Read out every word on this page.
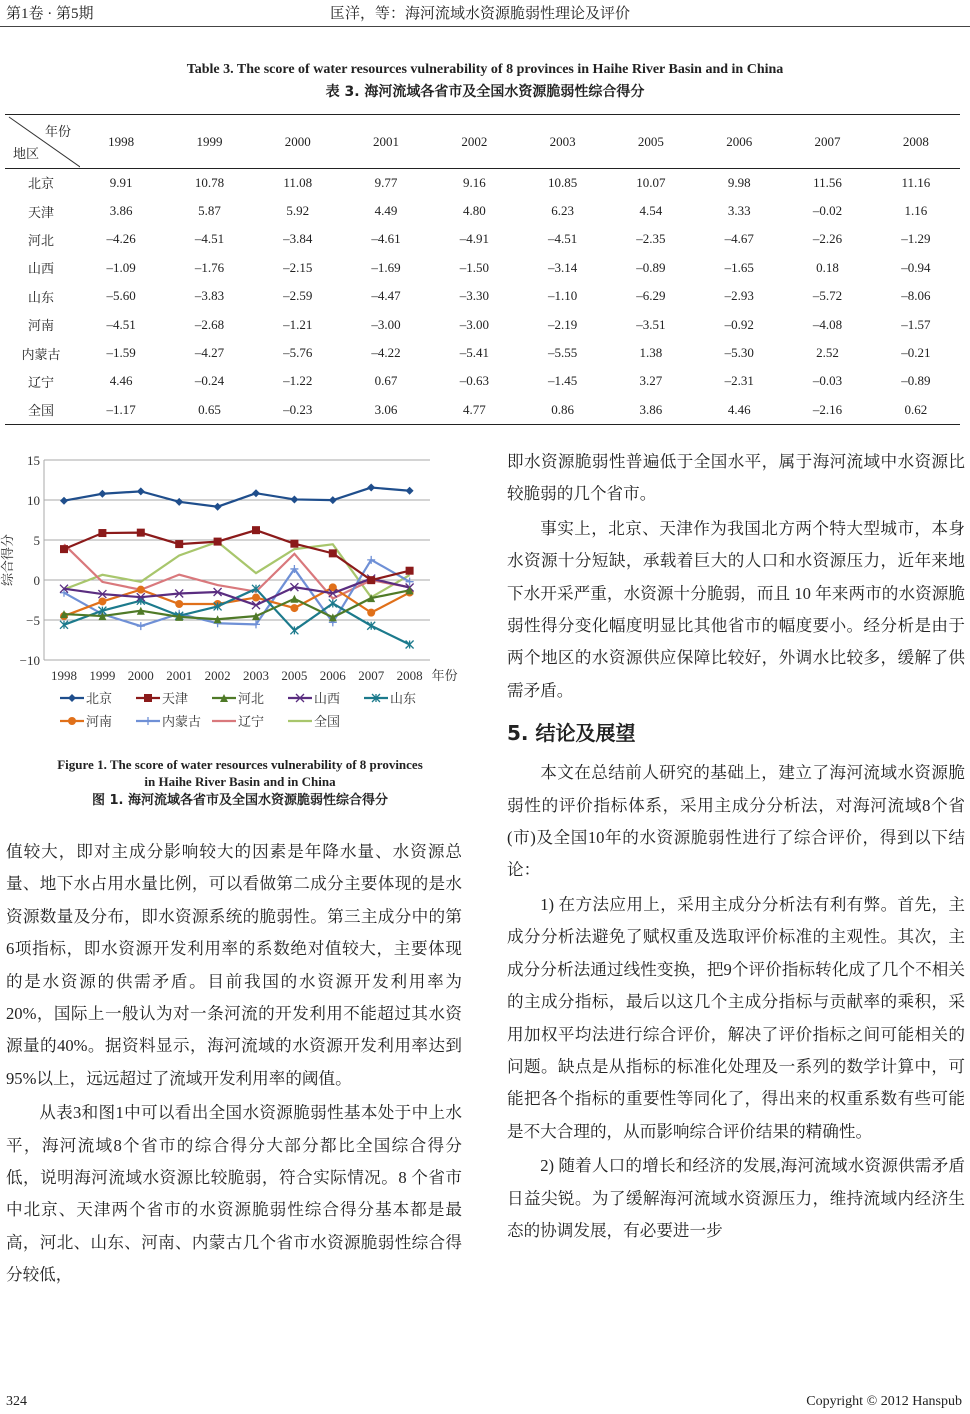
第1卷 · 第5期	匡洋，等：海河流域水资源脆弱性理论及评价
Table 3. The score of water resources vulnerability of 8 provinces in Haihe River Basin and in China
表 3. 海河流域各省市及全国水资源脆弱性综合得分
年份
地区	1998	1999	2000	2001	2002	2003	2005	2006	2007	2008
北京	9.91	10.78	11.08	9.77	9.16	10.85	10.07	9.98	11.56	11.16
天津	3.86	5.87	5.92	4.49	4.80	6.23	4.54	3.33	–0.02	1.16
河北	–4.26	–4.51	–3.84	–4.61	–4.91	–4.51	–2.35	–4.67	–2.26	–1.29
山西	–1.09	–1.76	–2.15	–1.69	–1.50	–3.14	–0.89	–1.65	0.18	–0.94
山东	–5.60	–3.83	–2.59	–4.47	–3.30	–1.10	–6.29	–2.93	–5.72	–8.06
河南	–4.51	–2.68	–1.21	–3.00	–3.00	–2.19	–3.51	–0.92	–4.08	–1.57
内蒙古	–1.59	–4.27	–5.76	–4.22	–5.41	–5.55	1.38	–5.30	2.52	–0.21
辽宁	4.46	–0.24	–1.22	0.67	–0.63	–1.45	3.27	–2.31	–0.03	–0.89
全国	–1.17	0.65	–0.23	3.06	4.77	0.86	3.86	4.46	–2.16	0.62
15
10
5
0
−5
−10
1998 1999 2000 2001 2002 2003 2005 2006 2007 2008 年份
综合得分
北京	天津	河北	山西	山东
河南	内蒙古	辽宁	全国
Figure 1. The score of water resources vulnerability of 8 provinces
in Haihe River Basin and in China
图 1. 海河流域各省市及全国水资源脆弱性综合得分

值较大，即对主成分影响较大的因素是年降水量、水资源总量、地下水占用水量比例，可以看做第二成分主要体现的是水资源数量及分布，即水资源系统的脆弱性。第三主成分中的第6项指标，即水资源开发利用率的系数绝对值较大，主要体现的是水资源的供需矛盾。目前我国的水资源开发利用率为20%，国际上一般认为对一条河流的开发利用不能超过其水资源量的40%。据资料显示，海河流域的水资源开发利用率达到 95%以上，远远超过了流域开发利用率的阈值。

从表3和图1中可以看出全国水资源脆弱性基本处于中上水平，海河流域8个省市的综合得分大部分都比全国综合得分低，说明海河流域水资源比较脆弱，符合实际情况。8 个省市中北京、天津两个省市的水资源脆弱性综合得分基本都是最高，河北、山东、河南、内蒙古几个省市水资源脆弱性综合得分较低，

即水资源脆弱性普遍低于全国水平，属于海河流域中水资源比较脆弱的几个省市。

事实上，北京、天津作为我国北方两个特大型城市，本身水资源十分短缺，承载着巨大的人口和水资源压力，近年来地下水开采严重，水资源十分脆弱，而且 10 年来两市的水资源脆弱性得分变化幅度明显比其他省市的幅度要小。经分析是由于两个地区的水资源供应保障比较好，外调水比较多，缓解了供需矛盾。

5. 结论及展望

本文在总结前人研究的基础上，建立了海河流域水资源脆弱性的评价指标体系，采用主成分分析法，对海河流域8个省(市)及全国10年的水资源脆弱性进行了综合评价，得到以下结论：

1) 在方法应用上，采用主成分分析法有利有弊。首先，主成分分析法避免了赋权重及选取评价标准的主观性。其次，主成分分析法通过线性变换，把9个评价指标转化成了几个不相关的主成分指标，最后以这几个主成分指标与贡献率的乘积，采用加权平均法进行综合评价，解决了评价指标之间可能相关的问题。缺点是从指标的标准化处理及一系列的数学计算中，可能把各个指标的重要性等同化了，得出来的权重系数有些可能是不大合理的，从而影响综合评价结果的精确性。

2) 随着人口的增长和经济的发展,海河流域水资源供需矛盾日益尖锐。为了缓解海河流域水资源压力，维持流域内经济生态的协调发展，有必要进一步

324	Copyright © 2012 Hanspub
